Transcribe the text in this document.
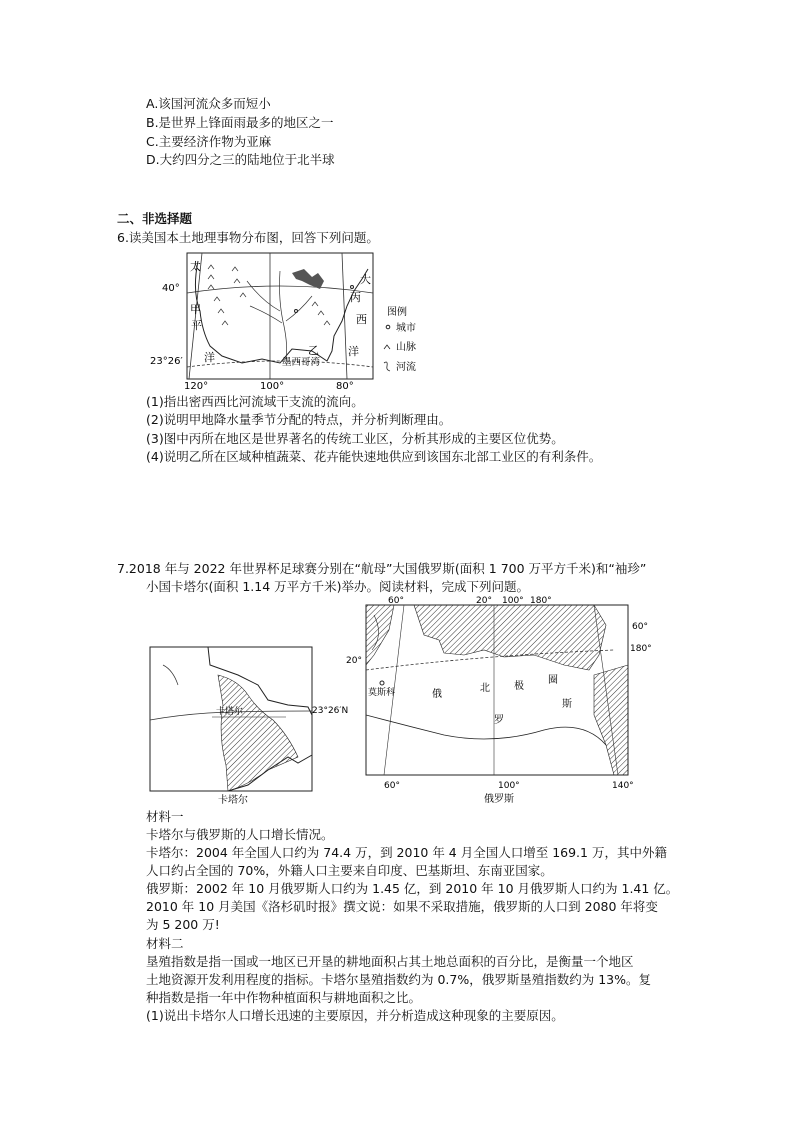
A.该国河流众多而短小
B.是世界上锋面雨最多的地区之一
C.主要经济作物为亚麻
D.大约四分之三的陆地位于北半球
二、非选择题
6.读美国本土地理事物分布图，回答下列问题。
太
40°
甲
平
洋
23°26′
大
丙
西
洋
乙
墨西哥湾
120°	100°	80°
图例
城市
山脉
河流
(1)指出密西西比河流域干支流的流向。
(2)说明甲地降水量季节分配的特点，并分析判断理由。
(3)图中丙所在地区是世界著名的传统工业区，分析其形成的主要区位优势。
(4)说明乙所在区域种植蔬菜、花卉能快速地供应到该国东北部工业区的有利条件。
7.2018 年与 2022 年世界杯足球赛分别在“航母”大国俄罗斯(面积 1 700 万平方千米)和“袖珍”
小国卡塔尔(面积 1.14 万平方千米)举办。阅读材料，完成下列问题。
卡塔尔	23°26′N
卡塔尔
60°	20° 100° 180°
60°
180°
20°
莫斯科	俄
北 极
圈
斯
罗
60°	100°	140°
俄罗斯
材料一
卡塔尔与俄罗斯的人口增长情况。
卡塔尔：2004 年全国人口约为 74.4 万，到 2010 年 4 月全国人口增至 169.1 万，其中外籍
人口约占全国的 70%，外籍人口主要来自印度、巴基斯坦、东南亚国家。
俄罗斯：2002 年 10 月俄罗斯人口约为 1.45 亿，到 2010 年 10 月俄罗斯人口约为 1.41 亿。
2010 年 10 月美国《洛杉矶时报》撰文说：如果不采取措施，俄罗斯的人口到 2080 年将变
为 5 200 万!
材料二
垦殖指数是指一国或一地区已开垦的耕地面积占其土地总面积的百分比，是衡量一个地区
土地资源开发利用程度的指标。卡塔尔垦殖指数约为 0.7%，俄罗斯垦殖指数约为 13%。复
种指数是指一年中作物种植面积与耕地面积之比。
(1)说出卡塔尔人口增长迅速的主要原因，并分析造成这种现象的主要原因。
